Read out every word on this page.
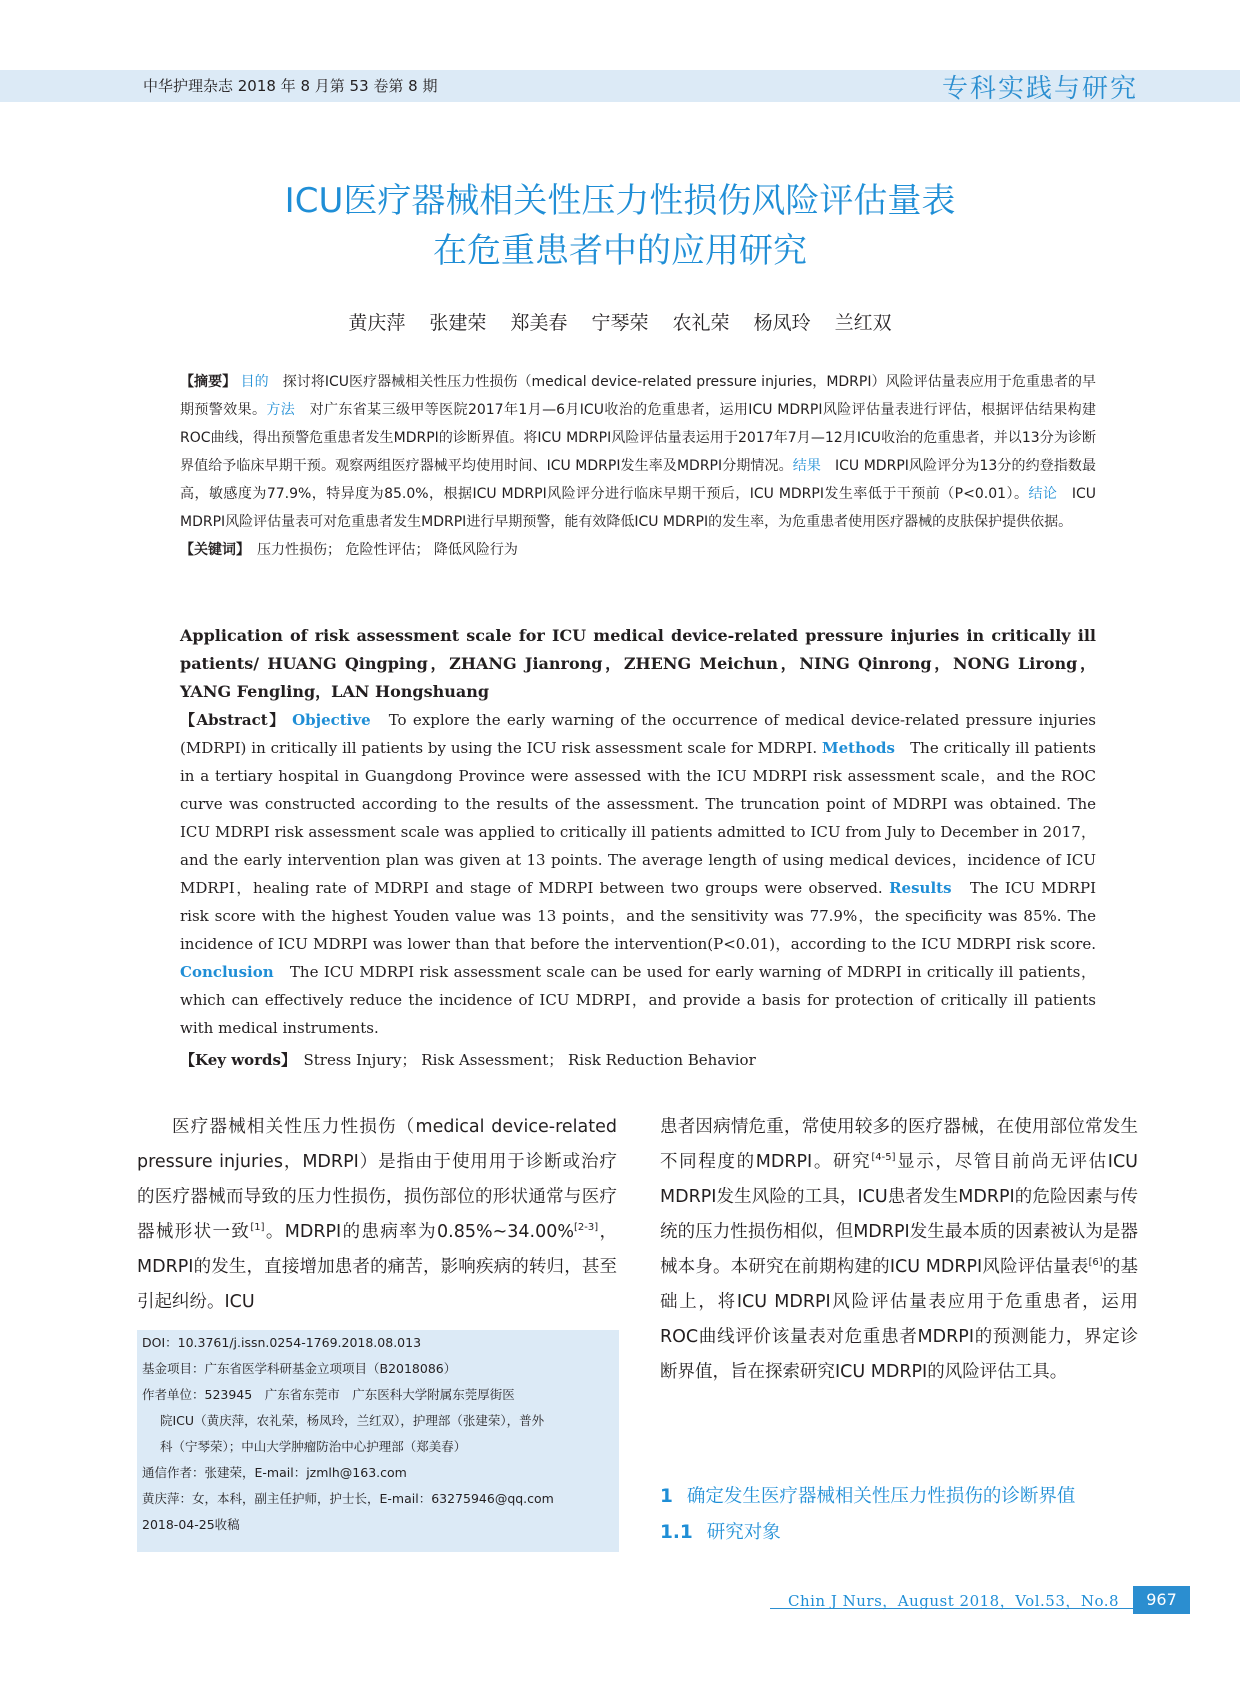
中华护理杂志 2018 年 8 月第 53 卷第 8 期	专科实践与研究
ICU医疗器械相关性压力性损伤风险评估量表
在危重患者中的应用研究
黄庆萍 张建荣 郑美春 宁琴荣 农礼荣 杨凤玲 兰红双
【摘要】 目的　 探讨将ICU医疗器械相关性压力性损伤（medical device-related pressure injuries，MDRPI）风险评估量表应用于危重患者的早期预警效果。方法　 对广东省某三级甲等医院2017年1月—6月ICU收治的危重患者，运用ICU MDRPI风险评估量表进行评估，根据评估结果构建ROC曲线，得出预警危重患者发生MDRPI的诊断界值。将ICU MDRPI风险评估量表运用于2017年7月—12月ICU收治的危重患者，并以13分为诊断界值给予临床早期干预。观察两组医疗器械平均使用时间、ICU MDRPI发生率及MDRPI分期情况。结果　 ICU MDRPI风险评分为13分的约登指数最高，敏感度为77.9%，特异度为85.0%，根据ICU MDRPI风险评分进行临床早期干预后，ICU MDRPI发生率低于干预前（P<0.01）。结论　 ICU MDRPI风险评估量表可对危重患者发生MDRPI进行早期预警，能有效降低ICU MDRPI的发生率，为危重患者使用医疗器械的皮肤保护提供依据。
【关键词】　 压力性损伤； 危险性评估； 降低风险行为
Application of risk assessment scale for ICU medical device-related pressure injuries in critically ill patients/ HUANG Qingping，ZHANG Jianrong，ZHENG Meichun，NING Qinrong，NONG Lirong，YANG Fengling，LAN Hongshuang
【Abstract】 Objective　 To explore the early warning of the occurrence of medical device-related pressure injuries (MDRPI) in critically ill patients by using the ICU risk assessment scale for MDRPI. Methods　 The critically ill patients in a tertiary hospital in Guangdong Province were assessed with the ICU MDRPI risk assessment scale，and the ROC curve was constructed according to the results of the assessment. The truncation point of MDRPI was obtained. The ICU MDRPI risk assessment scale was applied to critically ill patients admitted to ICU from July to December in 2017，and the early intervention plan was given at 13 points. The average length of using medical devices，incidence of ICU MDRPI，healing rate of MDRPI and stage of MDRPI between two groups were observed. Results　 The ICU MDRPI risk score with the highest Youden value was 13 points，and the sensitivity was 77.9%，the specificity was 85%. The incidence of ICU MDRPI was lower than that before the intervention(P<0.01)，according to the ICU MDRPI risk score. Conclusion　 The ICU MDRPI risk assessment scale can be used for early warning of MDRPI in critically ill patients，which can effectively reduce the incidence of ICU MDRPI，and provide a basis for protection of critically ill patients with medical instruments.
【Key words】　 Stress Injury； Risk Assessment； Risk Reduction Behavior

医疗器械相关性压力性损伤（medical device-related pressure injuries，MDRPI）是指由于使用用于诊断或治疗的医疗器械而导致的压力性损伤，损伤部位的形状通常与医疗器械形状一致[1]。MDRPI的患病率为0.85%~34.00%[2-3]，MDRPI的发生，直接增加患者的痛苦，影响疾病的转归，甚至引起纠纷。ICU

DOI：10.3761/j.issn.0254-1769.2018.08.013
基金项目：广东省医学科研基金立项项目（B2018086）
作者单位：523945　广东省东莞市　广东医科大学附属东莞厚街医
院ICU（黄庆萍，农礼荣，杨凤玲，兰红双），护理部（张建荣），普外
科（宁琴荣）；中山大学肿瘤防治中心护理部（郑美春）
通信作者：张建荣，E-mail：jzmlh@163.com
黄庆萍：女，本科，副主任护师，护士长，E-mail：63275946@qq.com
2018-04-25收稿

患者因病情危重，常使用较多的医疗器械，在使用部位常发生不同程度的MDRPI。研究[4-5]显示，尽管目前尚无评估ICU MDRPI发生风险的工具，ICU患者发生MDRPI的危险因素与传统的压力性损伤相似，但MDRPI发生最本质的因素被认为是器械本身。本研究在前期构建的ICU MDRPI风险评估量表[6]的基础上，将ICU MDRPI风险评估量表应用于危重患者，运用ROC曲线评价该量表对危重患者MDRPI的预测能力，界定诊断界值，旨在探索研究ICU MDRPI的风险评估工具。

1 确定发生医疗器械相关性压力性损伤的诊断界值
1.1 研究对象
Chin J Nurs，August 2018，Vol.53，No.8	967
